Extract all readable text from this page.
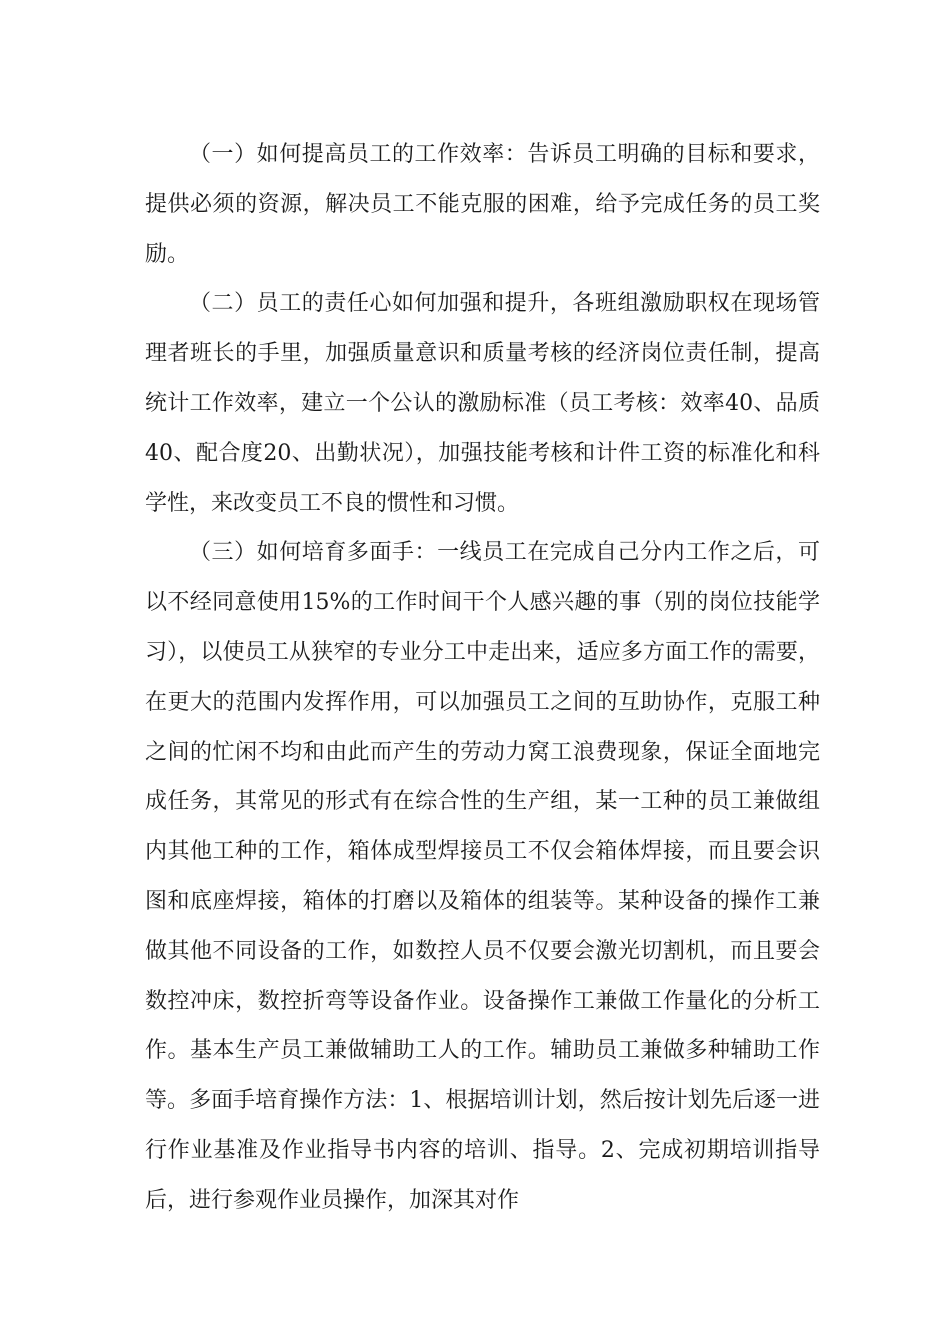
（一）如何提高员工的工作效率：告诉员工明确的目标和要求，提供必须的资源，解决员工不能克服的困难，给予完成任务的员工奖励。

（二）员工的责任心如何加强和提升，各班组激励职权在现场管理者班长的手里，加强质量意识和质量考核的经济岗位责任制，提高统计工作效率，建立一个公认的激励标准（员工考核：效率40、品质40、配合度20、出勤状况），加强技能考核和计件工资的标准化和科学性，来改变员工不良的惯性和习惯。

（三）如何培育多面手：一线员工在完成自己分内工作之后，可以不经同意使用15%的工作时间干个人感兴趣的事（别的岗位技能学习），以使员工从狭窄的专业分工中走出来，适应多方面工作的需要，在更大的范围内发挥作用，可以加强员工之间的互助协作，克服工种之间的忙闲不均和由此而产生的劳动力窝工浪费现象，保证全面地完成任务，其常见的形式有在综合性的生产组，某一工种的员工兼做组内其他工种的工作，箱体成型焊接员工不仅会箱体焊接，而且要会识图和底座焊接，箱体的打磨以及箱体的组装等。某种设备的操作工兼做其他不同设备的工作，如数控人员不仅要会激光切割机，而且要会数控冲床，数控折弯等设备作业。设备操作工兼做工作量化的分析工作。基本生产员工兼做辅助工人的工作。辅助员工兼做多种辅助工作等。多面手培育操作方法：1、根据培训计划，然后按计划先后逐一进行作业基准及作业指导书内容的培训、指导。2、完成初期培训指导后，进行参观作业员操作，加深其对作
